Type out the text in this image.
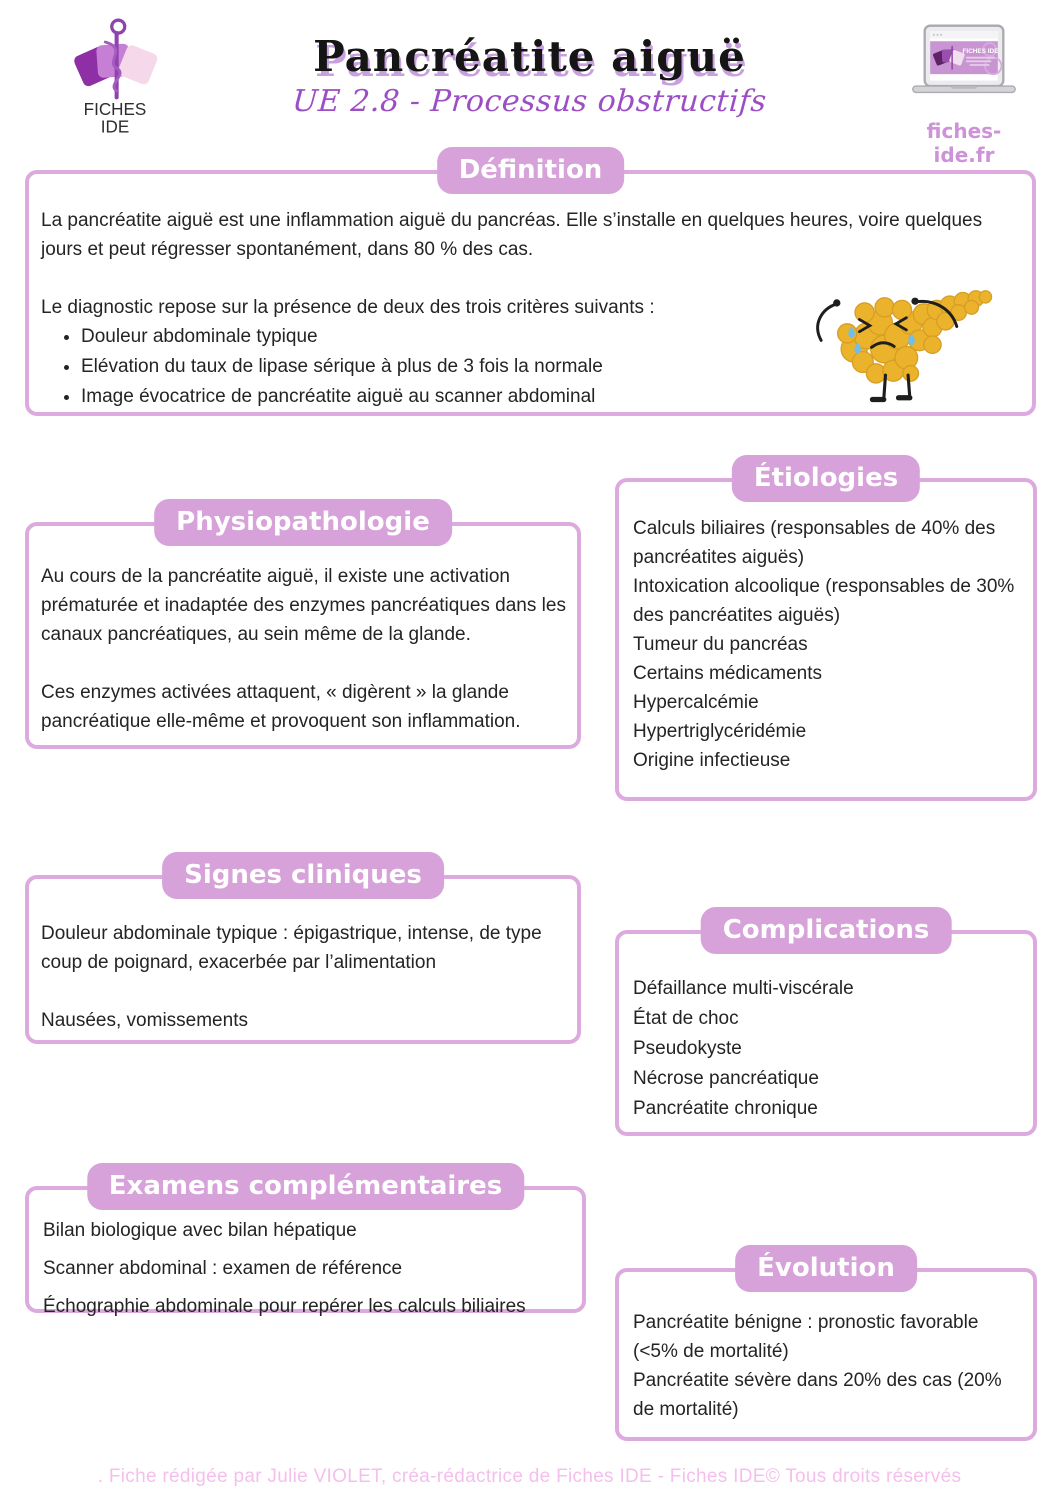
FICHES
IDE
Pancréatite aiguë
UE 2.8 - Processus obstructifs
FICHES IDE
fiches-ide.fr
Définition

La pancréatite aiguë est une inflammation aiguë du pancréas. Elle s’installe en quelques heures, voire quelques jours et peut régresser spontanément, dans 80 % des cas.

Le diagnostic repose sur la présence de deux des trois critères suivants :

• Douleur abdominale typique
• Elévation du taux de lipase sérique à plus de 3 fois la normale
• Image évocatrice de pancréatite aiguë au scanner abdominal
Physiopathologie

Au cours de la pancréatite aiguë, il existe une activation prématurée et inadaptée des enzymes pancréatiques dans les canaux pancréatiques, au sein même de la glande.

Ces enzymes activées attaquent, « digèrent » la glande pancréatique elle-même et provoquent son inflammation.

Étiologies
Calculs biliaires (responsables de 40% des pancréatites aiguës)
Intoxication alcoolique (responsables de 30% des pancréatites aiguës)
Tumeur du pancréas
Certains médicaments
Hypercalcémie
Hypertriglycéridémie
Origine infectieuse
Signes cliniques

Douleur abdominale typique : épigastrique, intense, de type coup de poignard, exacerbée par l’alimentation

Nausées, vomissements

Complications
Défaillance multi-viscérale
État de choc
Pseudokyste
Nécrose pancréatique
Pancréatite chronique
Examens complémentaires
Bilan biologique avec bilan hépatique
Scanner abdominal : examen de référence
Échographie abdominale pour repérer les calculs biliaires
Évolution
Pancréatite bénigne : pronostic favorable (<5% de mortalité)
Pancréatite sévère dans 20% des cas (20% de mortalité)
. Fiche rédigée par Julie VIOLET, créa-rédactrice de Fiches IDE - Fiches IDE© Tous droits réservés
